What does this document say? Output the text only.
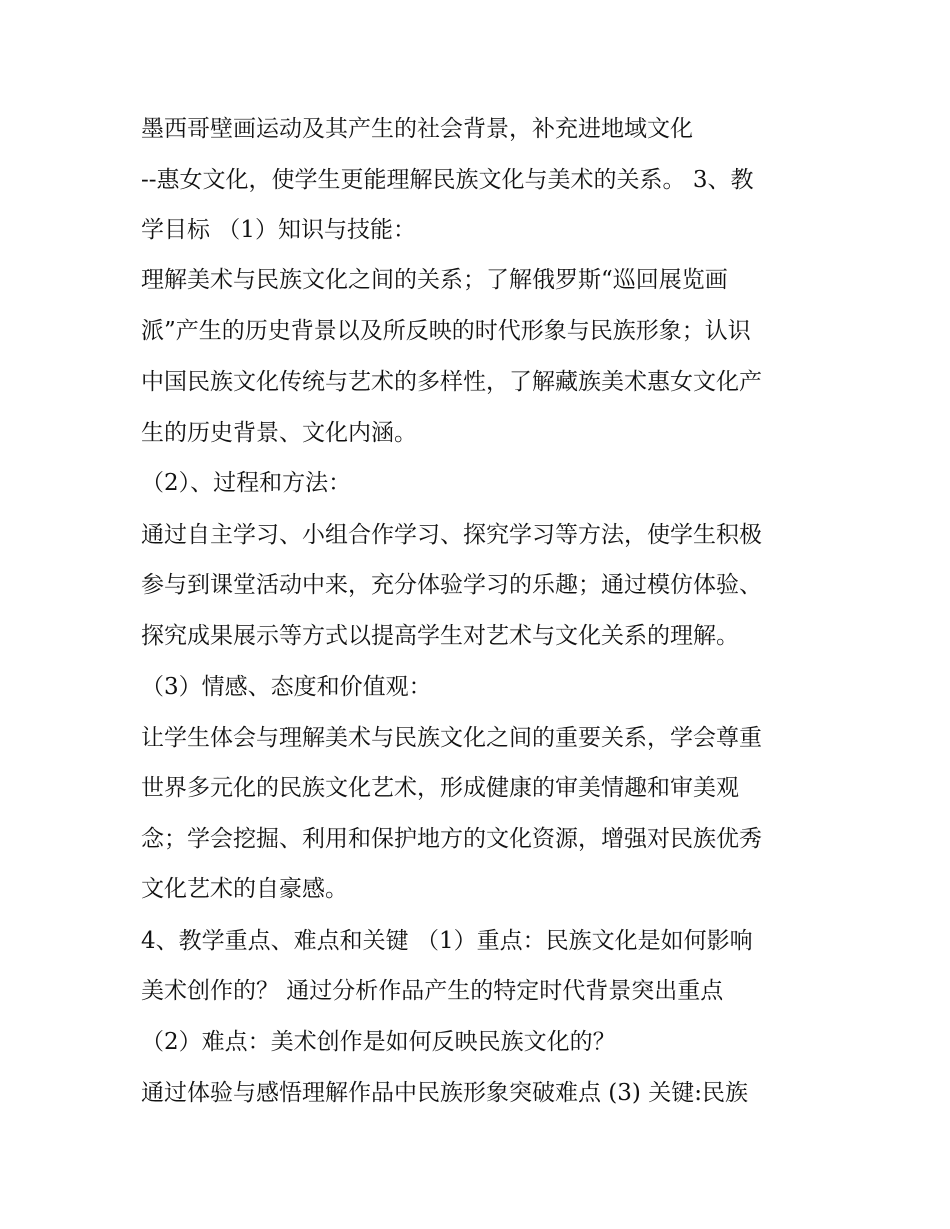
墨西哥壁画运动及其产生的社会背景，补充进地域文化
--惠女文化，使学生更能理解民族文化与美术的关系。 3、教
学目标 （1）知识与技能：
理解美术与民族文化之间的关系；了解俄罗斯“巡回展览画
派”产生的历史背景以及所反映的时代形象与民族形象；认识
中国民族文化传统与艺术的多样性，了解藏族美术惠女文化产
生的历史背景、文化内涵。
（2）、过程和方法：
通过自主学习、小组合作学习、探究学习等方法，使学生积极
参与到课堂活动中来，充分体验学习的乐趣；通过模仿体验、
探究成果展示等方式以提高学生对艺术与文化关系的理解。
（3）情感、态度和价值观：
让学生体会与理解美术与民族文化之间的重要关系，学会尊重
世界多元化的民族文化艺术，形成健康的审美情趣和审美观
念；学会挖掘、利用和保护地方的文化资源，增强对民族优秀
文化艺术的自豪感。
4、教学重点、难点和关键 （1）重点：民族文化是如何影响
美术创作的？ 通过分析作品产生的特定时代背景突出重点
（2）难点：美术创作是如何反映民族文化的？
通过体验与感悟理解作品中民族形象突破难点 (3) 关键:民族
